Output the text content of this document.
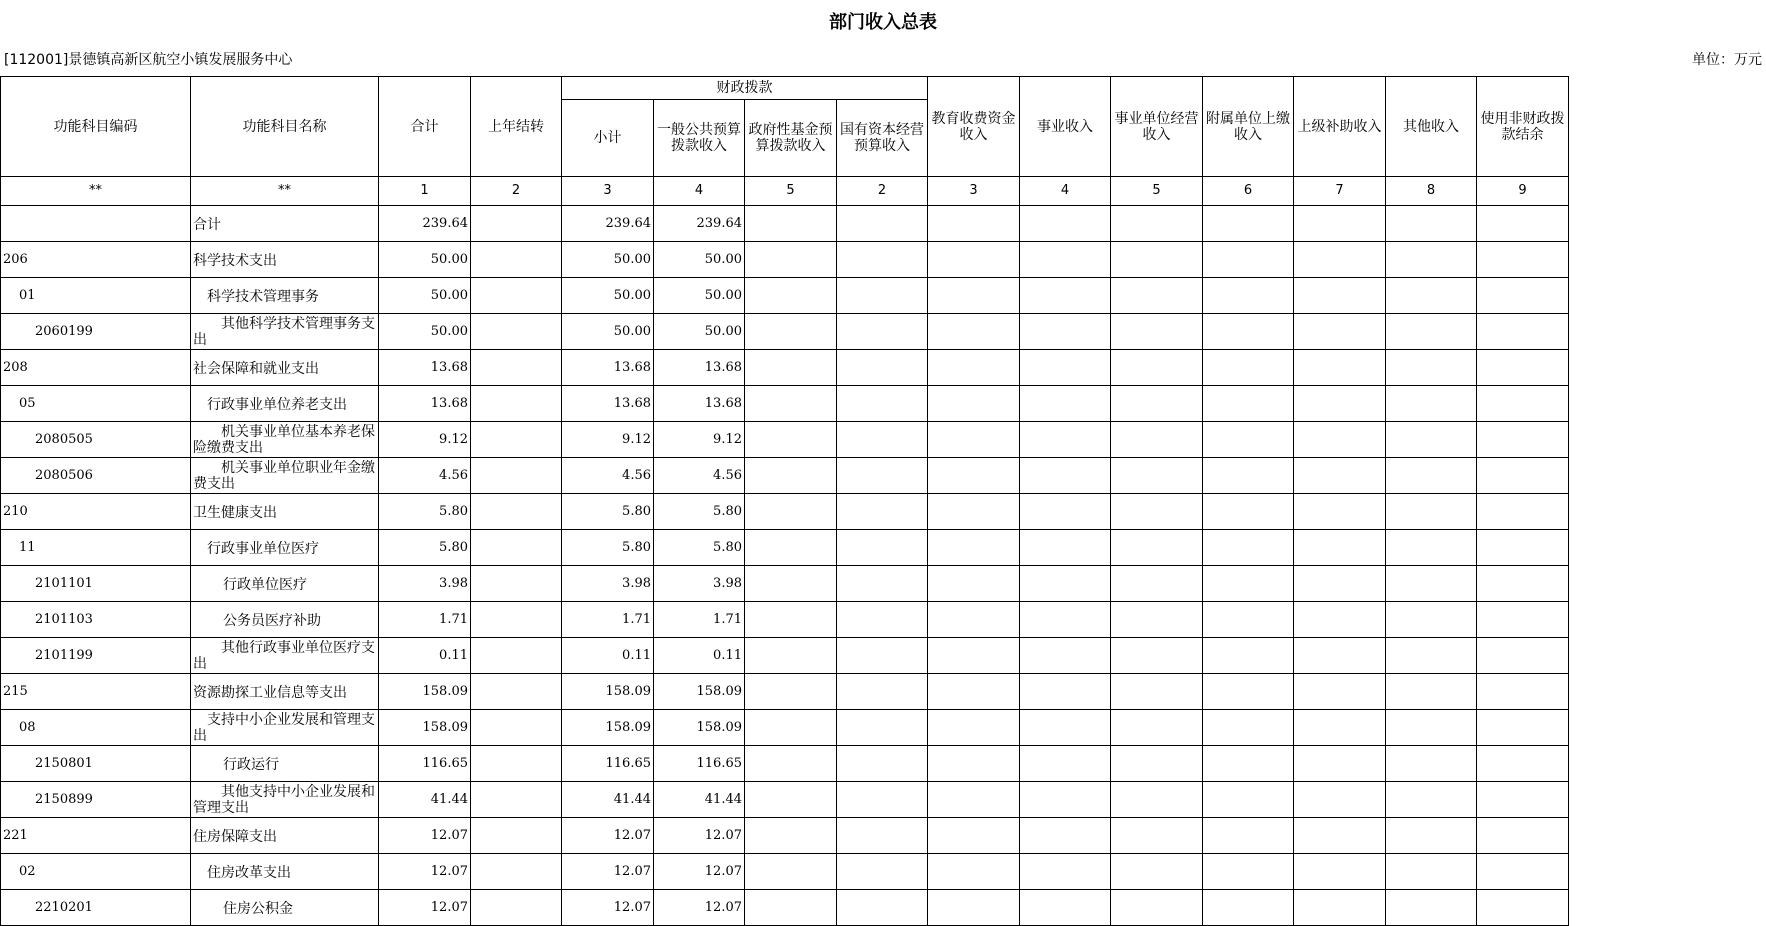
部门收入总表
[112001]景德镇高新区航空小镇发展服务中心	单位：万元
功能科目编码	功能科目名称	合计	上年结转	财政拨款				教育收费资金收入	事业收入	事业单位经营收入	附属单位上缴收入	上级补助收入	其他收入	使用非财政拨款结余
				小计	一般公共预算拨款收入	政府性基金预算拨款收入	国有资本经营预算收入							
**	**	1	2	3	4	5	2	3	4	5	6	7	8	9

	合计	239.64		239.64	239.64									
206	科学技术支出	50.00		50.00	50.00									
01	科学技术管理事务	50.00		50.00	50.00									
2060199	其他科学技术管理事务支出	50.00		50.00	50.00									
208	社会保障和就业支出	13.68		13.68	13.68									
05	行政事业单位养老支出	13.68		13.68	13.68									
2080505	机关事业单位基本养老保险缴费支出	9.12		9.12	9.12									
2080506	机关事业单位职业年金缴费支出	4.56		4.56	4.56									
210	卫生健康支出	5.80		5.80	5.80									
11	行政事业单位医疗	5.80		5.80	5.80									
2101101	行政单位医疗	3.98		3.98	3.98									
2101103	公务员医疗补助	1.71		1.71	1.71									
2101199	其他行政事业单位医疗支出	0.11		0.11	0.11									
215	资源勘探工业信息等支出	158.09		158.09	158.09									
08	支持中小企业发展和管理支出	158.09		158.09	158.09									
2150801	行政运行	116.65		116.65	116.65									
2150899	其他支持中小企业发展和管理支出	41.44		41.44	41.44									
221	住房保障支出	12.07		12.07	12.07									
02	住房改革支出	12.07		12.07	12.07									
2210201	住房公积金	12.07		12.07	12.07									
